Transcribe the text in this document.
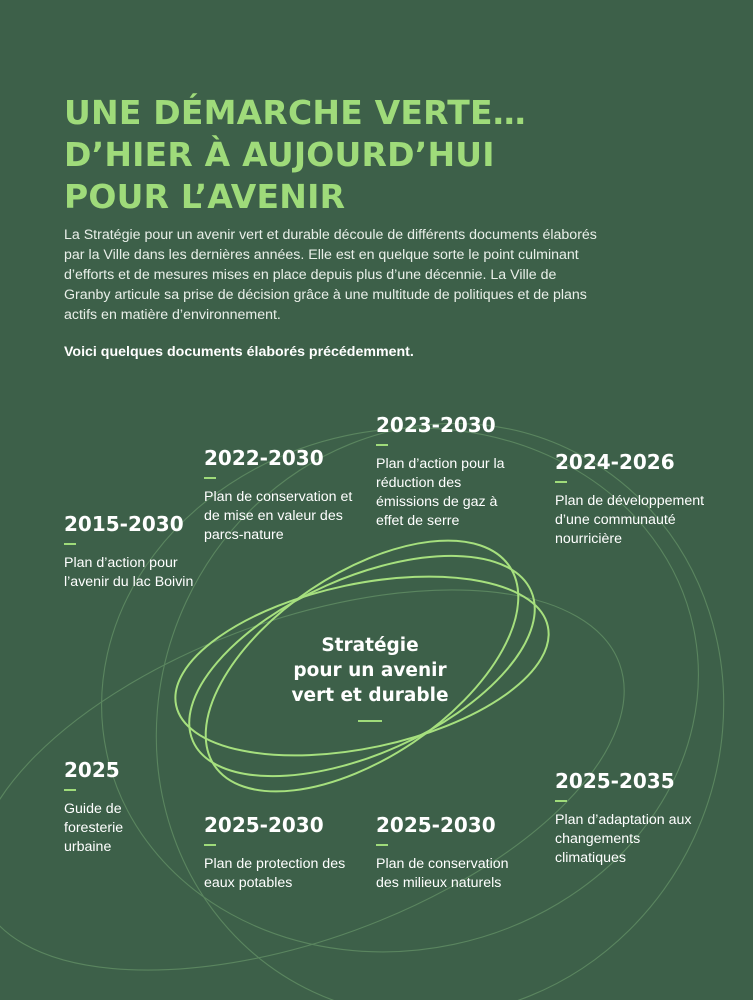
UNE DÉMARCHE VERTE…
D’HIER À AUJOURD’HUI
POUR L’AVENIR

La Stratégie pour un avenir vert et durable découle de différents documents élaborés par la Ville dans les dernières années. Elle est en quelque sorte le point culminant d’efforts et de mesures mises en place depuis plus d’une décennie. La Ville de Granby articule sa prise de décision grâce à une multitude de politiques et de plans actifs en matière d’environnement.

Voici quelques documents élaborés précédemment.

2015-2030
Plan d’action pour l’avenir du lac Boivin
2022-2030
Plan de conservation et de mise en valeur des parcs-nature
2023-2030
Plan d’action pour la réduction des émissions de gaz à effet de serre
2024-2026
Plan de développement d’une communauté nourricière
2025
Guide de foresterie urbaine
2025-2030
Plan de protection des eaux potables
2025-2030
Plan de conservation des milieux naturels
2025-2035
Plan d’adaptation aux changements climatiques
Stratégie
pour un avenir
vert et durable
